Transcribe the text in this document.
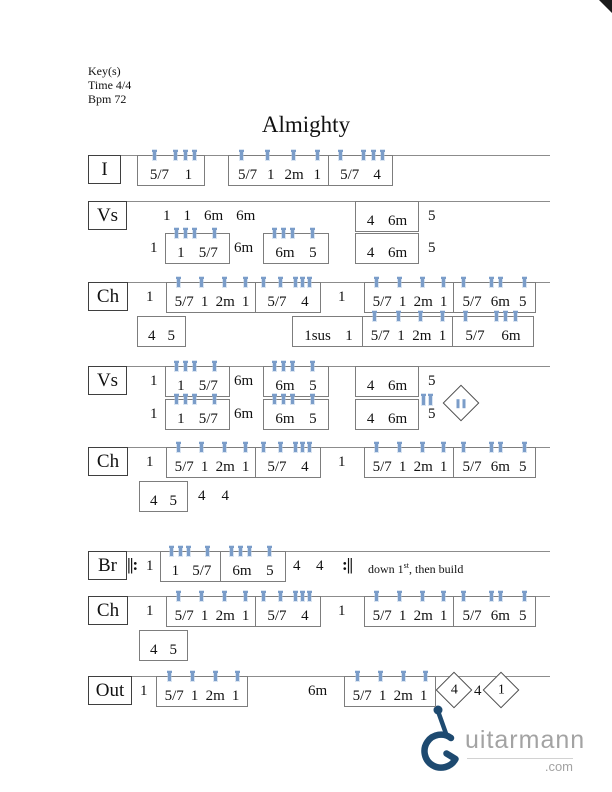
Key(s)
Time 4/4
Bpm 72
Almighty
uitarmann
.com
I	5/7 1	5/7 1 2m 1 5/7 4
Vs	1 1 6m 6m	4 6m 5
1 1 5/7 6m 6m 5	4 6m 5
Ch	1 5/7 1 2m 1 5/7 4 1 5/7 1 2m 1 5/7 6m 5
4 5	1sus 1 5/7 1 2m 1 5/7 6m
Vs	1 1 5/7 6m 6m 5	4 6m 5
1 1 5/7 6m 6m 5	4 6m 5
Ch	1 5/7 1 2m 1 5/7 4 1 5/7 1 2m 1 5/7 6m 5
4 5 4 4
Br ||: 1 1 5/7 6m 5 4 4 :|| down 1st, then build
Ch	1 5/7 1 2m 1 5/7 4 1 5/7 1 2m 1 5/7 6m 5
4 5
Out	1 5/7 1 2m 1	6m 5/7 1 2m 1 4 4 1
